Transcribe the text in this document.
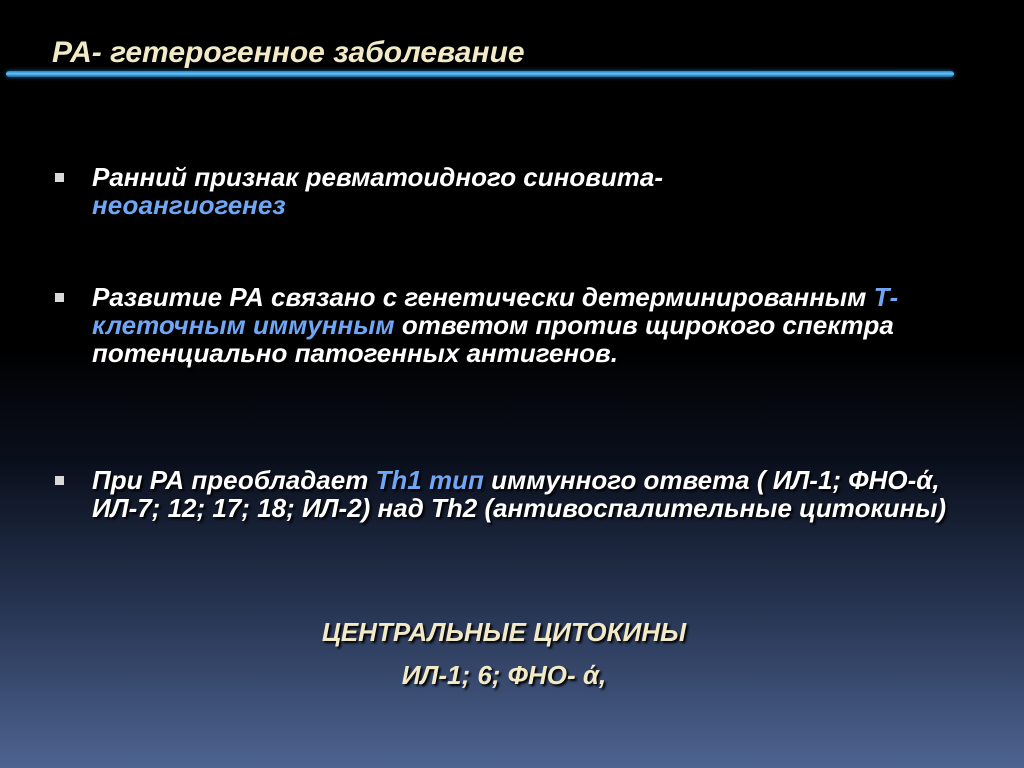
РА- гетерогенное заболевание
Ранний признак ревматоидного синовита-
неоангиогенез
Развитие РА связано с генетически детерминированным Т-клеточным иммунным ответом против щирокого спектра потенциально патогенных антигенов.
При РА преобладает Th1 тип иммунного ответа ( ИЛ-1; ФНО-ά, ИЛ-7; 12; 17; 18; ИЛ-2) над Th2 (антивоспалительные цитокины)
ЦЕНТРАЛЬНЫЕ ЦИТОКИНЫ
ИЛ-1; 6; ФНО- ά,
